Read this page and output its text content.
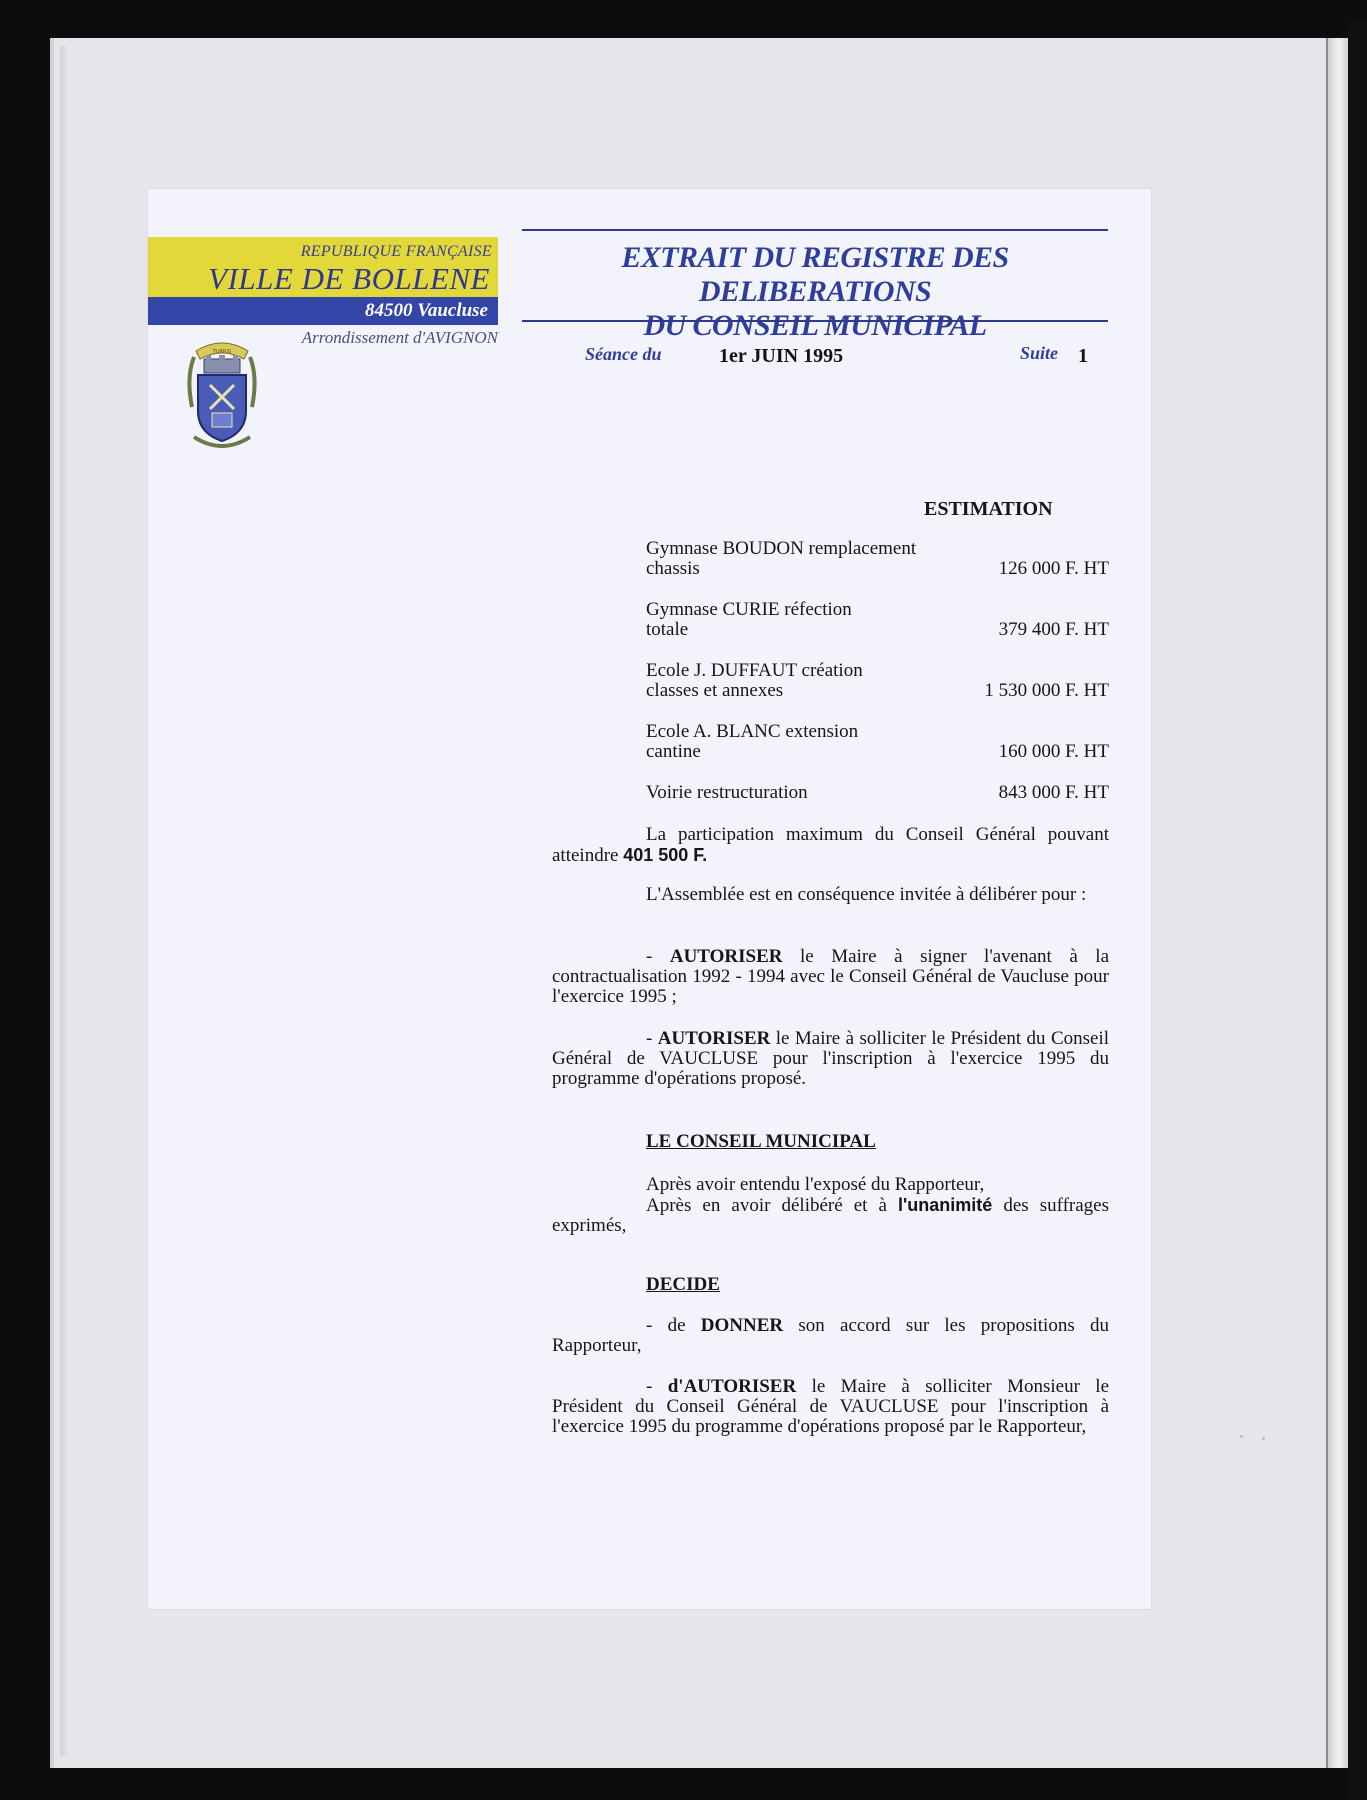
REPUBLIQUE FRANÇAISE
VILLE DE BOLLENE
84500 Vaucluse
Arrondissement d'AVIGNON
TURRIS
EXTRAIT DU REGISTRE DES DELIBERATIONS
DU CONSEIL MUNICIPAL
Séance du	1er JUIN 1995	Suite 1
ESTIMATION
Gymnase BOUDON remplacement
chassis	126 000 F. HT
Gymnase CURIE réfection
totale	379 400 F. HT
Ecole J. DUFFAUT création
classes et annexes	1 530 000 F. HT
Ecole A. BLANC extension
cantine	160 000 F. HT
Voirie restructuration	843 000 F. HT
La participation maximum du Conseil Général pouvant atteindre 401 500 F.
L'Assemblée est en conséquence invitée à délibérer pour :
- AUTORISER le Maire à signer l'avenant à la contractualisation 1992 - 1994 avec le Conseil Général de Vaucluse pour l'exercice 1995 ;
- AUTORISER le Maire à solliciter le Président du Conseil Général de VAUCLUSE pour l'inscription à l'exercice 1995 du programme d'opérations proposé.
LE CONSEIL MUNICIPAL
Après avoir entendu l'exposé du Rapporteur,
Après en avoir délibéré et à l'unanimité des suffrages exprimés,
DECIDE
- de DONNER son accord sur les propositions du Rapporteur,
- d'AUTORISER le Maire à solliciter Monsieur le Président du Conseil Général de VAUCLUSE pour l'inscription à l'exercice 1995 du programme d'opérations proposé par le Rapporteur,
